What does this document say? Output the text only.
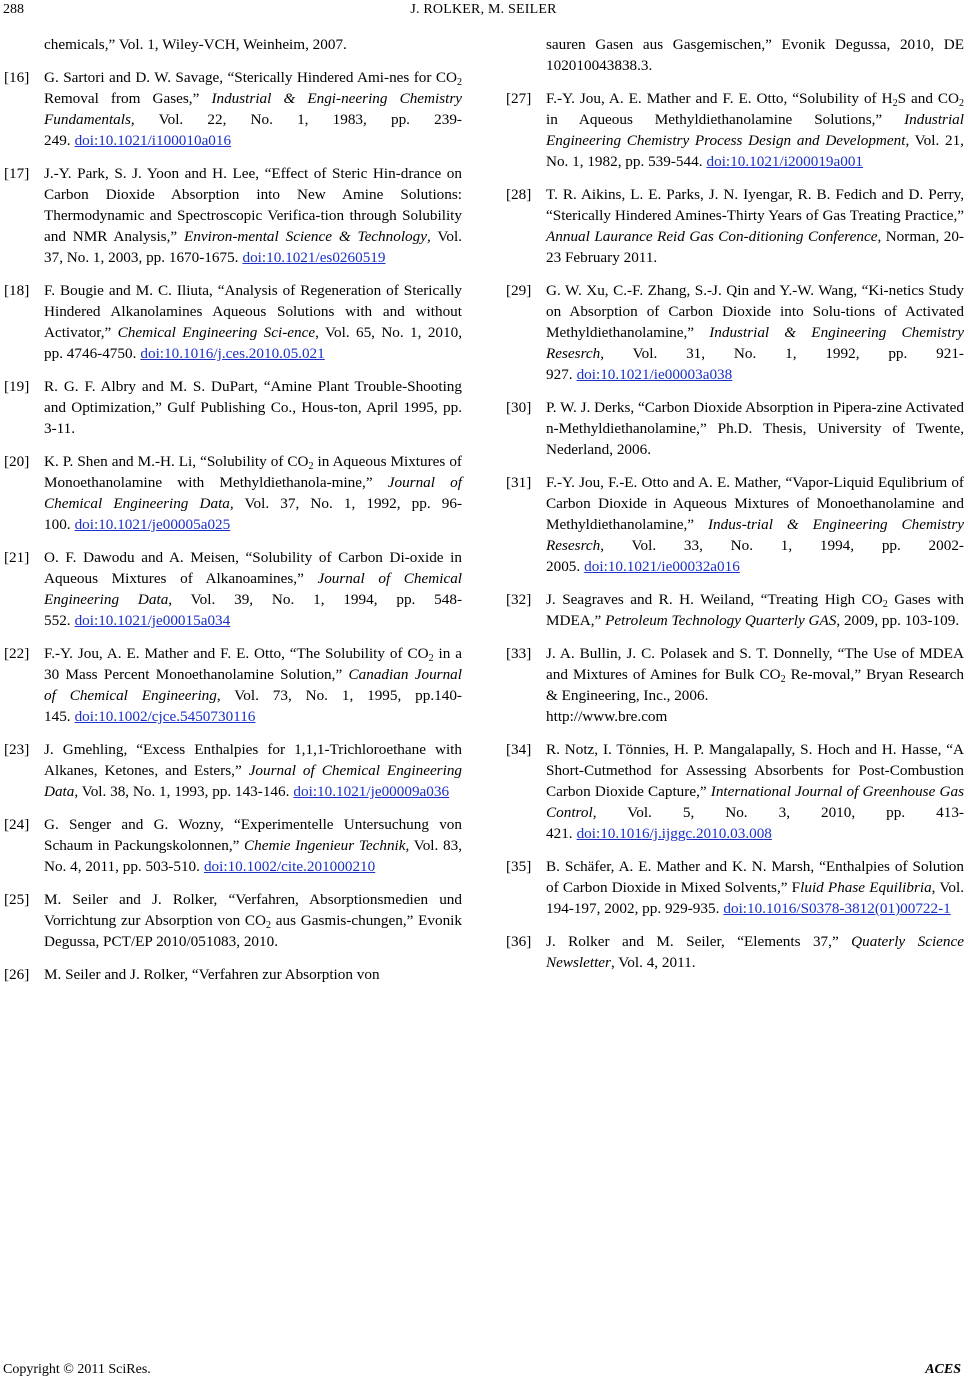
288	J. ROLKER, M. SEILER
chemicals,” Vol. 1, Wiley-VCH, Weinheim, 2007.
[16] G. Sartori and D. W. Savage, “Sterically Hindered Ami-nes for $CO_2$ Removal from Gases,” Industrial & Engi-neering Chemistry Fundamentals, Vol. 22, No. 1, 1983, pp. 239-249. doi:10.1021/i100010a016
[17] J.-Y. Park, S. J. Yoon and H. Lee, “Effect of Steric Hin-drance on Carbon Dioxide Absorption into New Amine Solutions: Thermodynamic and Spectroscopic Verifica-tion through Solubility and NMR Analysis,” Environ-mental Science & Technology, Vol. 37, No. 1, 2003, pp. 1670-1675. doi:10.1021/es0260519
[18] F. Bougie and M. C. Iliuta, “Analysis of Regeneration of Sterically Hindered Alkanolamines Aqueous Solutions with and without Activator,” Chemical Engineering Sci-ence, Vol. 65, No. 1, 2010, pp. 4746-4750. doi:10.1016/j.ces.2010.05.021
[19] R. G. F. Albry and M. S. DuPart, “Amine Plant Trouble-Shooting and Optimization,” Gulf Publishing Co., Hous-ton, April 1995, pp. 3-11.
[20] K. P. Shen and M.-H. Li, “Solubility of $CO_2$ in Aqueous Mixtures of Monoethanolamine with Methyldiethanola-mine,” Journal of Chemical Engineering Data, Vol. 37, No. 1, 1992, pp. 96-100. doi:10.1021/je00005a025
[21] O. F. Dawodu and A. Meisen, “Solubility of Carbon Di-oxide in Aqueous Mixtures of Alkanoamines,” Journal of Chemical Engineering Data, Vol. 39, No. 1, 1994, pp. 548-552. doi:10.1021/je00015a034
[22] F.-Y. Jou, A. E. Mather and F. E. Otto, “The Solubility of $CO_2$ in a 30 Mass Percent Monoethanolamine Solution,” Canadian Journal of Chemical Engineering, Vol. 73, No. 1, 1995, pp.140-145. doi:10.1002/cjce.5450730116
[23] J. Gmehling, “Excess Enthalpies for 1,1,1-Trichloroethane with Alkanes, Ketones, and Esters,” Journal of Chemical Engineering Data, Vol. 38, No. 1, 1993, pp. 143-146. doi:10.1021/je00009a036
[24] G. Senger and G. Wozny, “Experimentelle Untersuchung von Schaum in Packungskolonnen,” Chemie Ingenieur Technik, Vol. 83, No. 4, 2011, pp. 503-510. doi:10.1002/cite.201000210
[25] M. Seiler and J. Rolker, “Verfahren, Absorptionsmedien und Vorrichtung zur Absorption von $CO_2$ aus Gasmis-chungen,” Evonik Degussa, PCT/EP 2010/051083, 2010.
[26] M. Seiler and J. Rolker, “Verfahren zur Absorption von
sauren Gasen aus Gasgemischen,” Evonik Degussa, 2010, DE 102010043838.3.
[27] F.-Y. Jou, A. E. Mather and F. E. Otto, “Solubility of $H_2S$ and $CO_2$ in Aqueous Methyldiethanolamine Solutions,” Industrial Engineering Chemistry Process Design and Development, Vol. 21, No. 1, 1982, pp. 539-544. doi:10.1021/i200019a001
[28] T. R. Aikins, L. E. Parks, J. N. Iyengar, R. B. Fedich and D. Perry, “Sterically Hindered Amines-Thirty Years of Gas Treating Practice,” Annual Laurance Reid Gas Con-ditioning Conference, Norman, 20-23 February 2011.
[29] G. W. Xu, C.-F. Zhang, S.-J. Qin and Y.-W. Wang, “Ki-netics Study on Absorption of Carbon Dioxide into Solu-tions of Activated Methyldiethanolamine,” Industrial & Engineering Chemistry Resesrch, Vol. 31, No. 1, 1992, pp. 921-927. doi:10.1021/ie00003a038
[30] P. W. J. Derks, “Carbon Dioxide Absorption in Pipera-zine Activated n-Methyldiethanolamine,” Ph.D. Thesis, University of Twente, Nederland, 2006.
[31] F.-Y. Jou, F.-E. Otto and A. E. Mather, “Vapor-Liquid Equlibrium of Carbon Dioxide in Aqueous Mixtures of Monoethanolamine and Methyldiethanolamine,” Indus-trial & Engineering Chemistry Resesrch, Vol. 33, No. 1, 1994, pp. 2002-2005. doi:10.1021/ie00032a016
[32] J. Seagraves and R. H. Weiland, “Treating High $CO_2$ Gases with MDEA,” Petroleum Technology Quarterly GAS, 2009, pp. 103-109.
[33] J. A. Bullin, J. C. Polasek and S. T. Donnelly, “The Use of MDEA and Mixtures of Amines for Bulk $CO_2$ Re-moval,” Bryan Research & Engineering, Inc., 2006.
http://www.bre.com
[34] R. Notz, I. Tönnies, H. P. Mangalapally, S. Hoch and H. Hasse, “A Short-Cutmethod for Assessing Absorbents for Post-Combustion Carbon Dioxide Capture,” International Journal of Greenhouse Gas Control, Vol. 5, No. 3, 2010, pp. 413-421. doi:10.1016/j.ijggc.2010.03.008
[35] B. Schäfer, A. E. Mather and K. N. Marsh, “Enthalpies of Solution of Carbon Dioxide in Mixed Solvents,” Fluid Phase Equilibria, Vol. 194-197, 2002, pp. 929-935. doi:10.1016/S0378-3812(01)00722-1
[36] J. Rolker and M. Seiler, “Elements 37,” Quaterly Science Newsletter, Vol. 4, 2011.
Copyright © 2011 SciRes.	ACES
